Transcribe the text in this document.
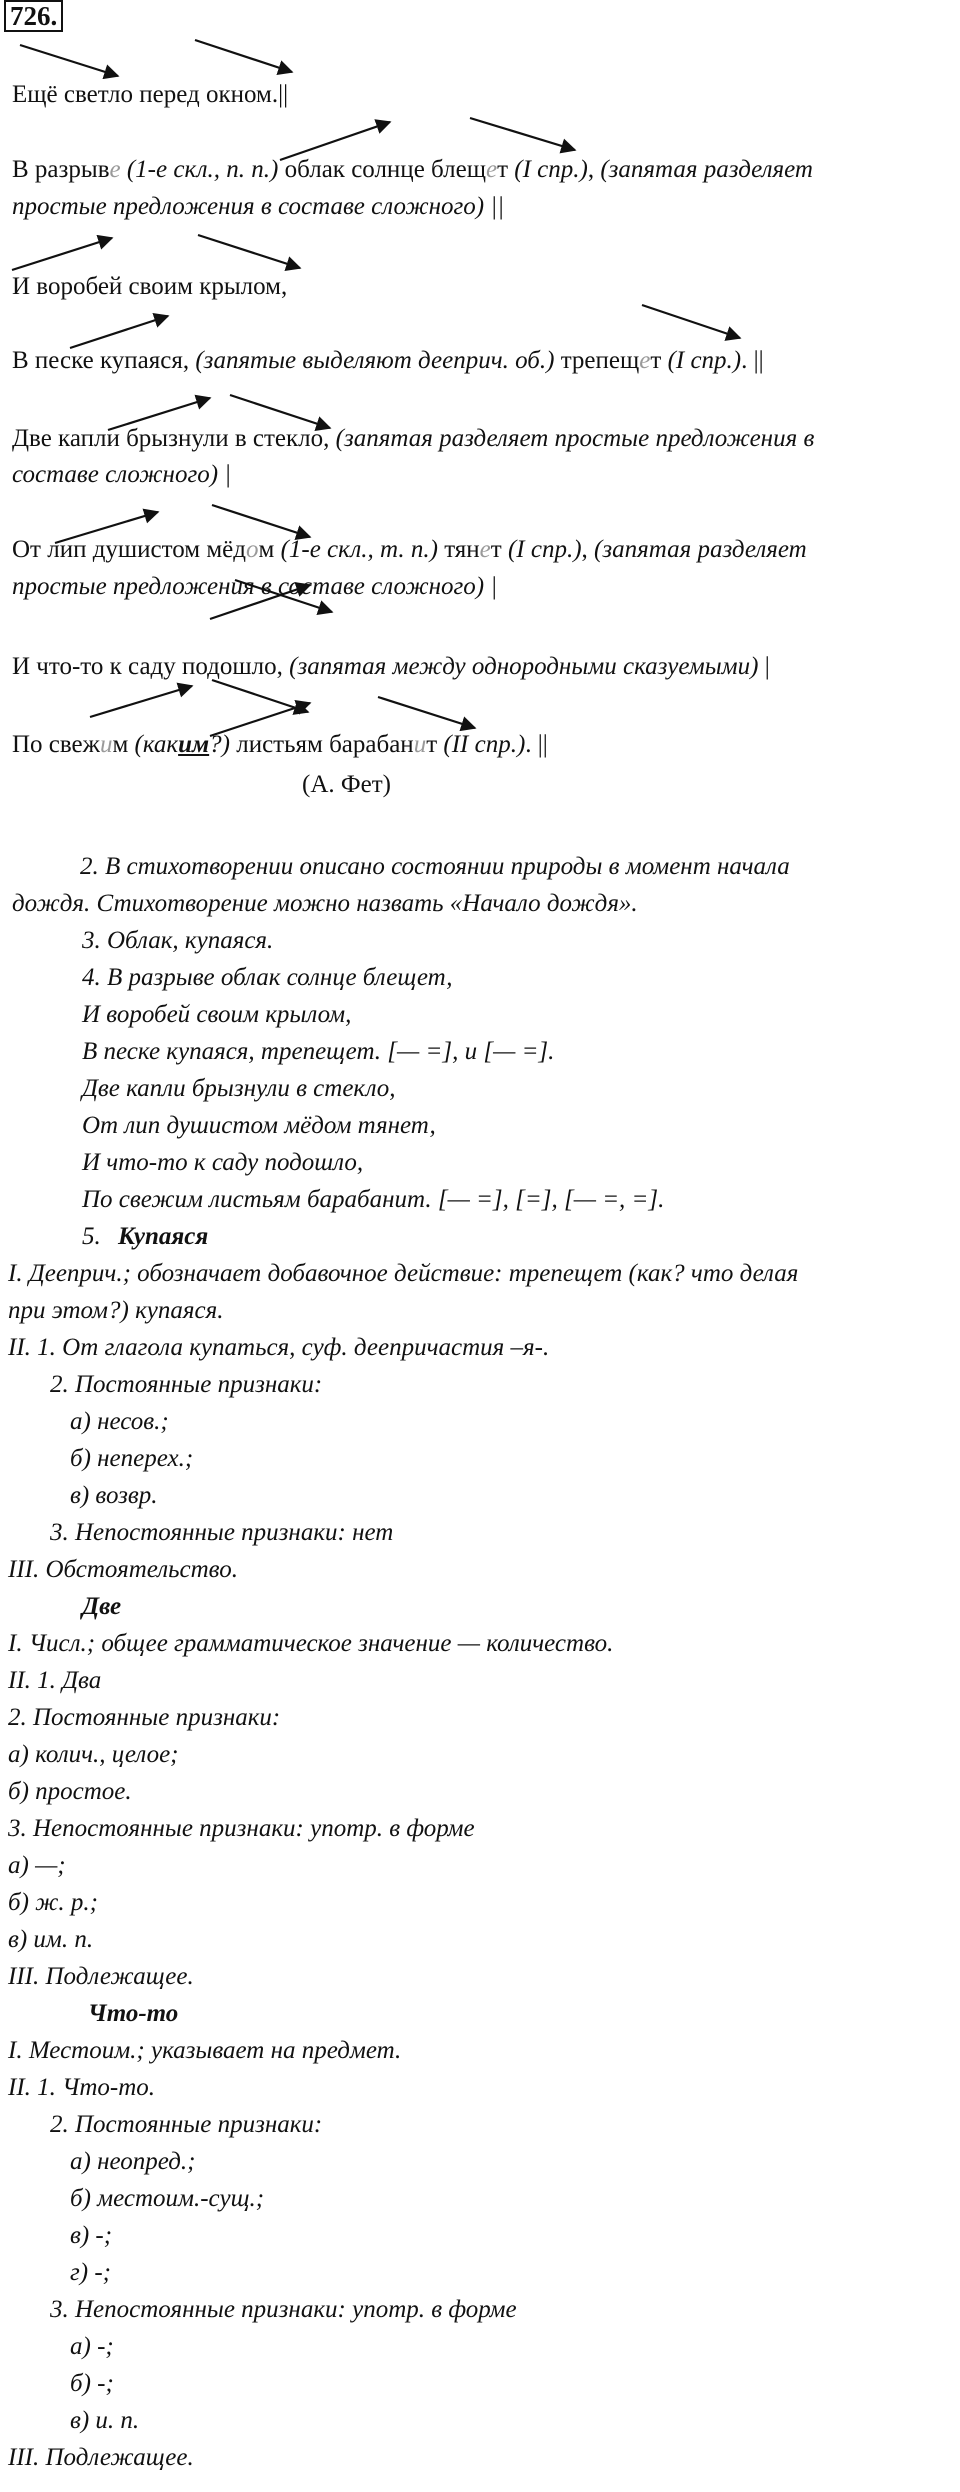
726.
Ещё светло перед окном.||
В разрыве (1-е скл., п. п.) облак солнце блещет (I спр.), (запятая разделяет
простые предложения в составе сложного) ||
И воробей своим крылом,
В песке купаяся, (запятые выделяют дееприч. об.) трепещет (I спр.). ||
Две капли брызнули в стекло, (запятая разделяет простые предложения в
составе сложного) |
От лип душистом мёдом (1-е скл., т. п.) тянет (I спр.), (запятая разделяет
простые предложения в составе сложного) |
И что-то к саду подошло, (запятая между однородными сказуемыми) |
По свежим (каким?) листьям барабанит (II спр.). ||
(А. Фет)
2. В стихотворении описано состоянии природы в момент начала
дождя. Стихотворение можно назвать «Начало дождя».
3. Облак, купаяся.
4. В разрыве облак солнце блещет,
И воробей своим крылом,
В песке купаяся, трепещет. [— =], и [— =].
Две капли брызнули в стекло,
От лип душистом мёдом тянет,
И что-то к саду подошло,
По свежим листьям барабанит. [— =], [=], [— =, =].
5. Купаяся
I. Дееприч.; обозначает добавочное действие: трепещет (как? что делая
при этом?) купаяся.
II. 1. От глагола купаться, суф. деепричастия –я-.
2. Постоянные признаки:
а) несов.;
б) неперех.;
в) возвр.
3. Непостоянные признаки: нет
III. Обстоятельство.
Две
I. Числ.; общее грамматическое значение — количество.
II. 1. Два
2. Постоянные признаки:
а) колич., целое;
б) простое.
3. Непостоянные признаки: употр. в форме
а) —;
б) ж. р.;
в) им. п.
III. Подлежащее.
Что-то
I. Местоим.; указывает на предмет.
II. 1. Что-то.
2. Постоянные признаки:
а) неопред.;
б) местоим.-сущ.;
в) -;
г) -;
3. Непостоянные признаки: употр. в форме
а) -;
б) -;
в) и. п.
III. Подлежащее.
